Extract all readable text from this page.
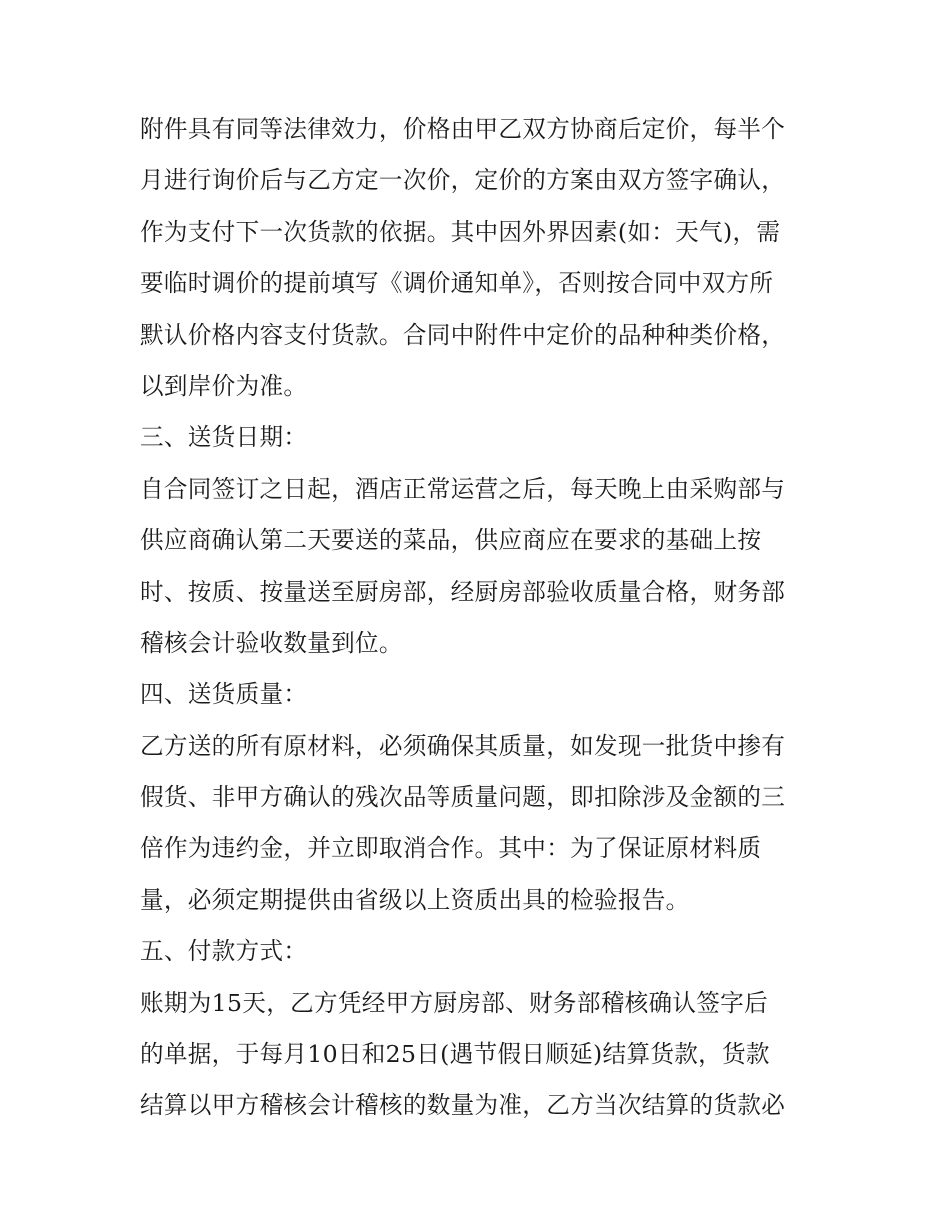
附件具有同等法律效力，价格由甲乙双方协商后定价，每半个
月进行询价后与乙方定一次价，定价的方案由双方签字确认，
作为支付下一次货款的依据。其中因外界因素(如：天气)，需
要临时调价的提前填写《调价通知单》，否则按合同中双方所
默认价格内容支付货款。合同中附件中定价的品种种类价格，
以到岸价为准。
三、送货日期：
自合同签订之日起，酒店正常运营之后，每天晚上由采购部与
供应商确认第二天要送的菜品，供应商应在要求的基础上按
时、按质、按量送至厨房部，经厨房部验收质量合格，财务部
稽核会计验收数量到位。
四、送货质量：
乙方送的所有原材料，必须确保其质量，如发现一批货中掺有
假货、非甲方确认的残次品等质量问题，即扣除涉及金额的三
倍作为违约金，并立即取消合作。其中：为了保证原材料质
量，必须定期提供由省级以上资质出具的检验报告。
五、付款方式：
账期为15天，乙方凭经甲方厨房部、财务部稽核确认签字后
的单据，于每月10日和25日(遇节假日顺延)结算货款，货款
结算以甲方稽核会计稽核的数量为准，乙方当次结算的货款必
